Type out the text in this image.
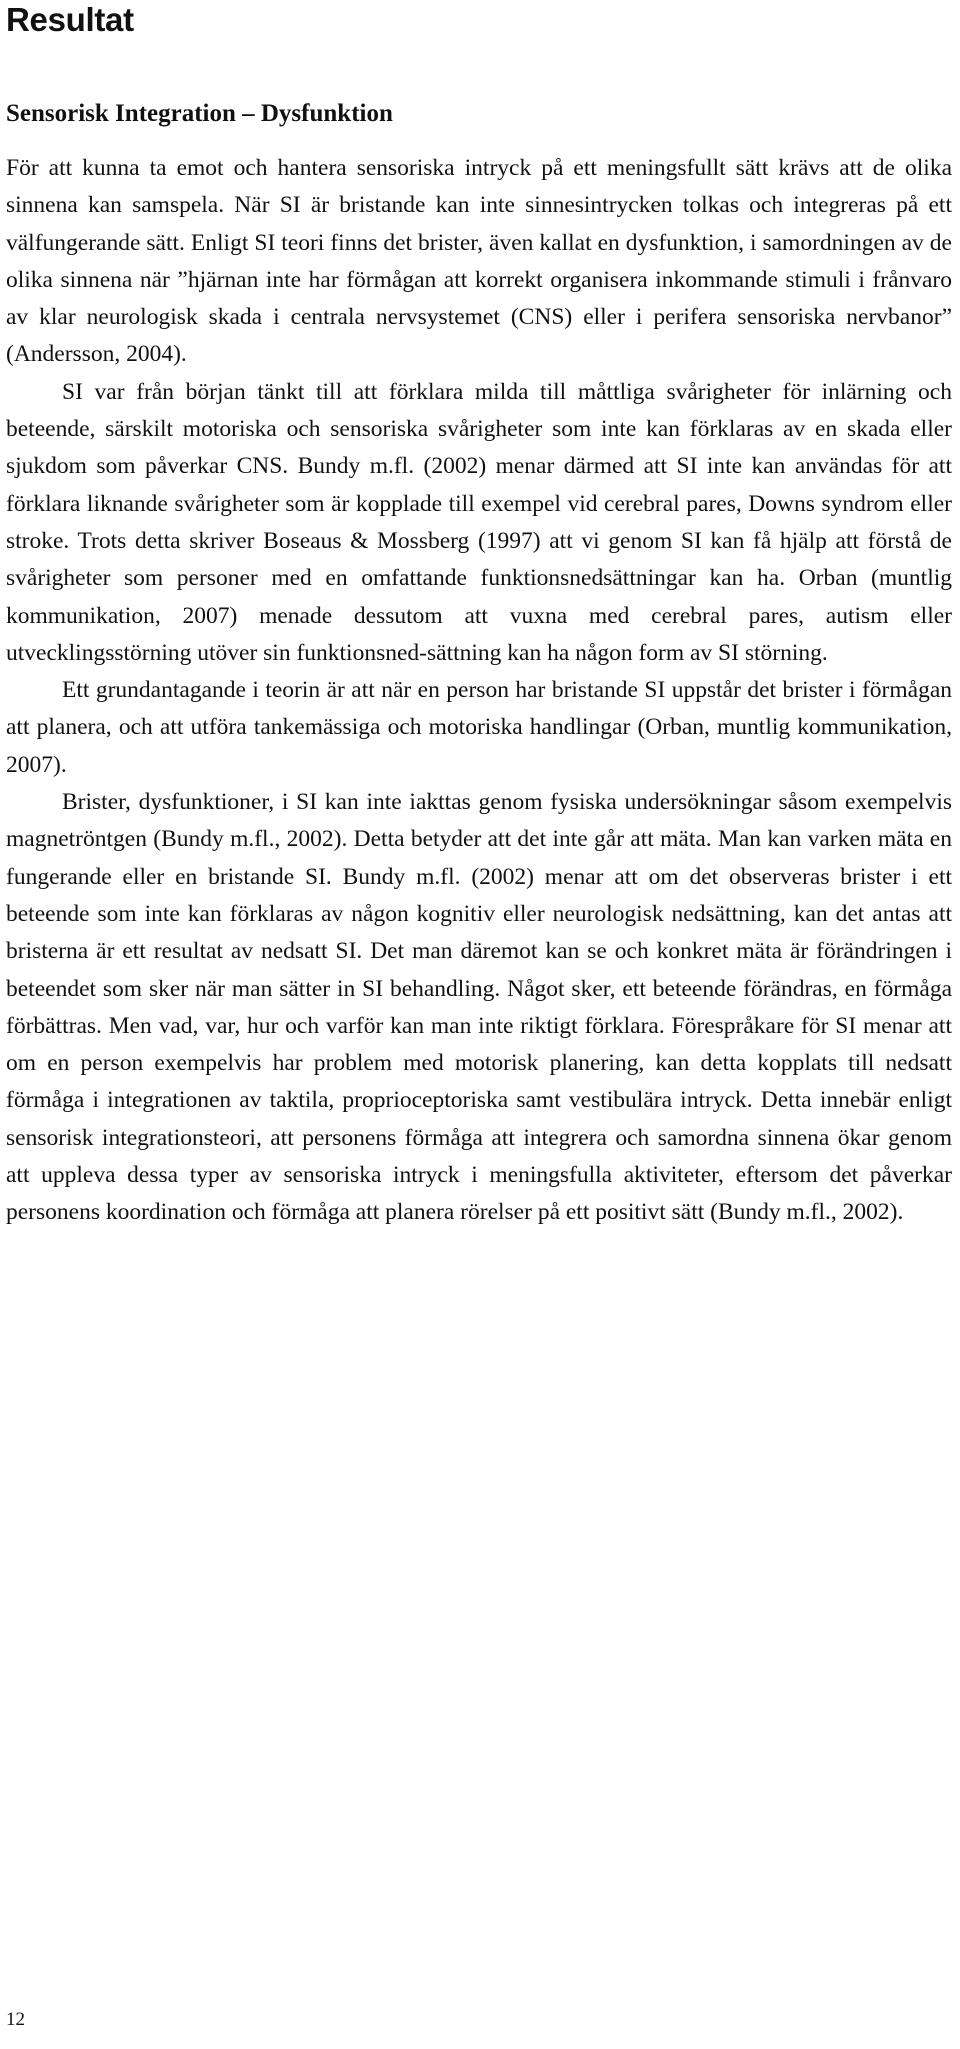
Resultat
Sensorisk Integration – Dysfunktion

För att kunna ta emot och hantera sensoriska intryck på ett meningsfullt sätt krävs att de olika sinnena kan samspela. När SI är bristande kan inte sinnesintrycken tolkas och integreras på ett välfungerande sätt. Enligt SI teori finns det brister, även kallat en dysfunktion, i samordningen av de olika sinnena när ”hjärnan inte har förmågan att korrekt organisera inkommande stimuli i frånvaro av klar neurologisk skada i centrala nervsystemet (CNS) eller i perifera sensoriska nervbanor” (Andersson, 2004).

SI var från början tänkt till att förklara milda till måttliga svårigheter för inlärning och beteende, särskilt motoriska och sensoriska svårigheter som inte kan förklaras av en skada eller sjukdom som påverkar CNS. Bundy m.fl. (2002) menar därmed att SI inte kan användas för att förklara liknande svårigheter som är kopplade till exempel vid cerebral pares, Downs syndrom eller stroke. Trots detta skriver Boseaus & Mossberg (1997) att vi genom SI kan få hjälp att förstå de svårigheter som personer med en omfattande funktionsnedsättningar kan ha. Orban (muntlig kommunikation, 2007) menade dessutom att vuxna med cerebral pares, autism eller utvecklingsstörning utöver sin funktionsned-sättning kan ha någon form av SI störning.

Ett grundantagande i teorin är att när en person har bristande SI uppstår det brister i förmågan att planera, och att utföra tankemässiga och motoriska handlingar (Orban, muntlig kommunikation, 2007).

Brister, dysfunktioner, i SI kan inte iakttas genom fysiska undersökningar såsom exempelvis magnetröntgen (Bundy m.fl., 2002). Detta betyder att det inte går att mäta. Man kan varken mäta en fungerande eller en bristande SI. Bundy m.fl. (2002) menar att om det observeras brister i ett beteende som inte kan förklaras av någon kognitiv eller neurologisk nedsättning, kan det antas att bristerna är ett resultat av nedsatt SI. Det man däremot kan se och konkret mäta är förändringen i beteendet som sker när man sätter in SI behandling. Något sker, ett beteende förändras, en förmåga förbättras. Men vad, var, hur och varför kan man inte riktigt förklara. Förespråkare för SI menar att om en person exempelvis har problem med motorisk planering, kan detta kopplats till nedsatt förmåga i integrationen av taktila, proprioceptoriska samt vestibulära intryck. Detta innebär enligt sensorisk integrationsteori, att personens förmåga att integrera och samordna sinnena ökar genom att uppleva dessa typer av sensoriska intryck i meningsfulla aktiviteter, eftersom det påverkar personens koordination och förmåga att planera rörelser på ett positivt sätt (Bundy m.fl., 2002).

12
